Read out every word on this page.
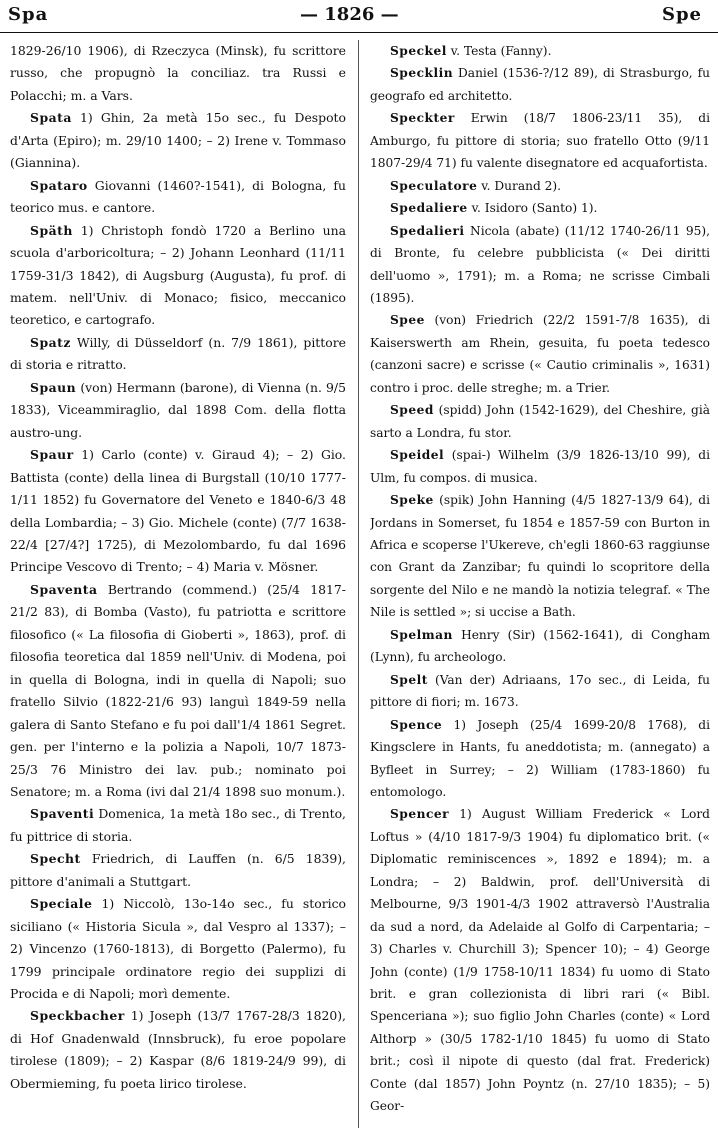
Spa	— 1826 —	Spe

1829-26/10 1906), di Rzeczyca (Minsk), fu scrittore russo, che propugnò la conciliaz. tra Russi e Polacchi; m. a Vars.

Spata 1) Ghin, 2a metà 15o sec., fu Despoto d'Arta (Epiro); m. 29/10 1400; – 2) Irene v. Tommaso (Giannina).

Spataro Giovanni (1460?-1541), di Bologna, fu teorico mus. e cantore.

Späth 1) Christoph fondò 1720 a Berlino una scuola d'arboricoltura; – 2) Johann Leonhard (11/11 1759-31/3 1842), di Augsburg (Augusta), fu prof. di matem. nell'Univ. di Monaco; fisico, meccanico teoretico, e cartografo.

Spatz Willy, di Düsseldorf (n. 7/9 1861), pittore di storia e ritratto.

Spaun (von) Hermann (barone), di Vienna (n. 9/5 1833), Viceammiraglio, dal 1898 Com. della flotta austro-ung.

Spaur 1) Carlo (conte) v. Giraud 4); – 2) Gio. Battista (conte) della linea di Burgstall (10/10 1777-1/11 1852) fu Governatore del Veneto e 1840-6/3 48 della Lombardia; – 3) Gio. Michele (conte) (7/7 1638-22/4 [27/4?] 1725), di Mezolombardo, fu dal 1696 Principe Vescovo di Trento; – 4) Maria v. Mösner.

Spaventa Bertrando (commend.) (25/4 1817-21/2 83), di Bomba (Vasto), fu patriotta e scrittore filosofico (« La filosofia di Gioberti », 1863), prof. di filosofia teoretica dal 1859 nell'Univ. di Modena, poi in quella di Bologna, indi in quella di Napoli; suo fratello Silvio (1822-21/6 93) languì 1849-59 nella galera di Santo Stefano e fu poi dall'1/4 1861 Segret. gen. per l'interno e la polizia a Napoli, 10/7 1873-25/3 76 Ministro dei lav. pub.; nominato poi Senatore; m. a Roma (ivi dal 21/4 1898 suo monum.).

Spaventi Domenica, 1a metà 18o sec., di Trento, fu pittrice di storia.

Specht Friedrich, di Lauffen (n. 6/5 1839), pittore d'animali a Stuttgart.

Speciale 1) Niccolò, 13o-14o sec., fu storico siciliano (« Historia Sicula », dal Vespro al 1337); – 2) Vincenzo (1760-1813), di Borgetto (Palermo), fu 1799 principale ordinatore regio dei supplizi di Procida e di Napoli; morì demente.

Speckbacher 1) Joseph (13/7 1767-28/3 1820), di Hof Gnadenwald (Innsbruck), fu eroe popolare tirolese (1809); – 2) Kaspar (8/6 1819-24/9 99), di Obermieming, fu poeta lirico tirolese.

Speckel v. Testa (Fanny).

Specklin Daniel (1536-?/12 89), di Strasburgo, fu geografo ed architetto.

Speckter Erwin (18/7 1806-23/11 35), di Amburgo, fu pittore di storia; suo fratello Otto (9/11 1807-29/4 71) fu valente disegnatore ed acquafortista.

Speculatore v. Durand 2).

Spedaliere v. Isidoro (Santo) 1).

Spedalieri Nicola (abate) (11/12 1740-26/11 95), di Bronte, fu celebre pubblicista (« Dei diritti dell'uomo », 1791); m. a Roma; ne scrisse Cimbali (1895).

Spee (von) Friedrich (22/2 1591-7/8 1635), di Kaiserswerth am Rhein, gesuita, fu poeta tedesco (canzoni sacre) e scrisse (« Cautio criminalis », 1631) contro i proc. delle streghe; m. a Trier.

Speed (spidd) John (1542-1629), del Cheshire, già sarto a Londra, fu stor.

Speidel (spai-) Wilhelm (3/9 1826-13/10 99), di Ulm, fu compos. di musica.

Speke (spik) John Hanning (4/5 1827-13/9 64), di Jordans in Somerset, fu 1854 e 1857-59 con Burton in Africa e scoperse l'Ukereve, ch'egli 1860-63 raggiunse con Grant da Zanzibar; fu quindi lo scopritore della sorgente del Nilo e ne mandò la notizia telegraf. « The Nile is settled »; si uccise a Bath.

Spelman Henry (Sir) (1562-1641), di Congham (Lynn), fu archeologo.

Spelt (Van der) Adriaans, 17o sec., di Leida, fu pittore di fiori; m. 1673.

Spence 1) Joseph (25/4 1699-20/8 1768), di Kingsclere in Hants, fu aneddotista; m. (annegato) a Byfleet in Surrey; – 2) William (1783-1860) fu entomologo.

Spencer 1) August William Frederick « Lord Loftus » (4/10 1817-9/3 1904) fu diplomatico brit. (« Diplomatic reminiscences », 1892 e 1894); m. a Londra; – 2) Baldwin, prof. dell'Università di Melbourne, 9/3 1901-4/3 1902 attraversò l'Australia da sud a nord, da Adelaide al Golfo di Carpentaria; – 3) Charles v. Churchill 3); Spencer 10); – 4) George John (conte) (1/9 1758-10/11 1834) fu uomo di Stato brit. e gran collezionista di libri rari (« Bibl. Spenceriana »); suo figlio John Charles (conte) « Lord Althorp » (30/5 1782-1/10 1845) fu uomo di Stato brit.; così il nipote di questo (dal frat. Frederick) Conte (dal 1857) John Poyntz (n. 27/10 1835); – 5) Geor-
